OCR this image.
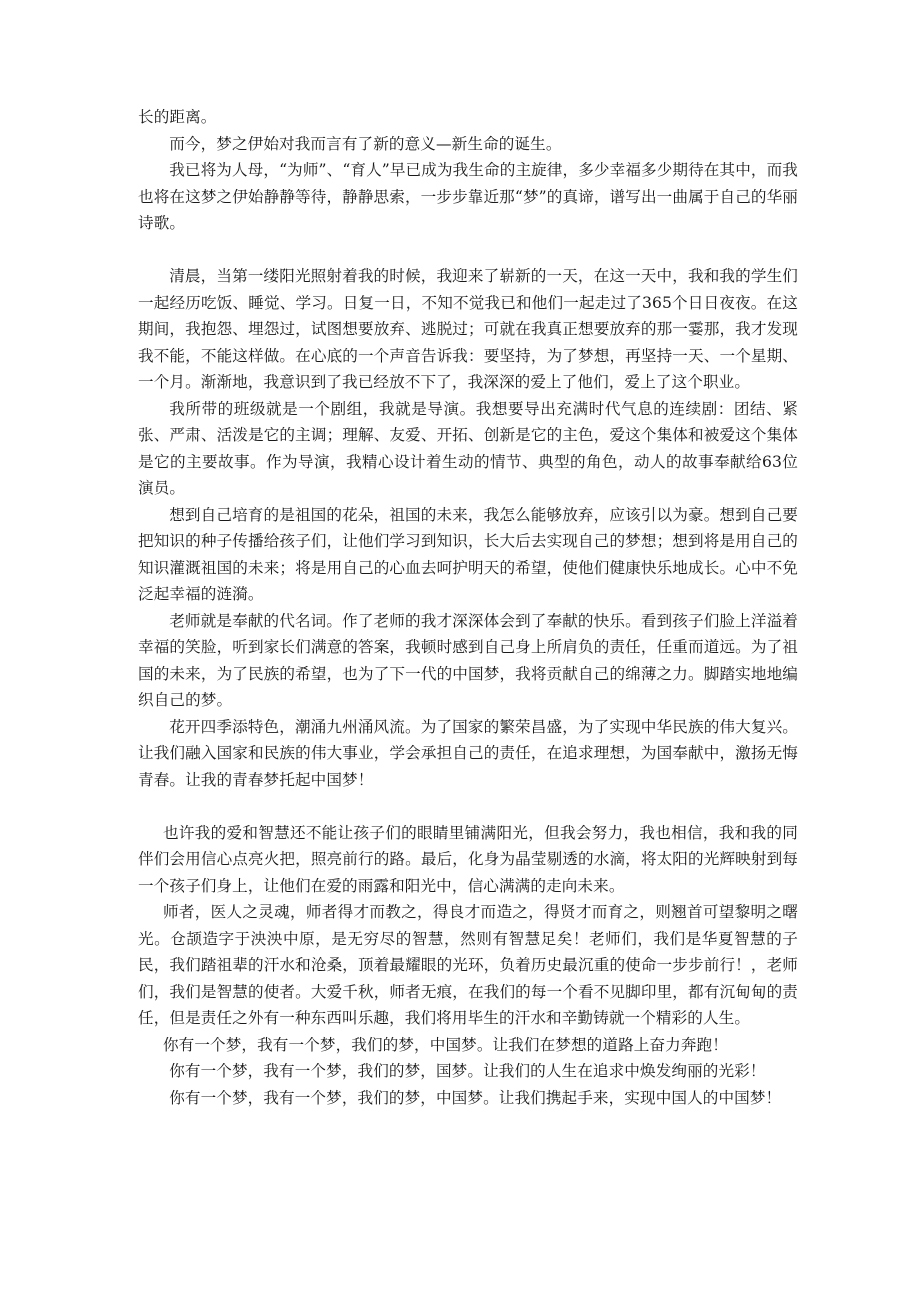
长的距离。

而今，梦之伊始对我而言有了新的意义—新生命的诞生。

我已将为人母，“为师”、“育人”早已成为我生命的主旋律，多少幸福多少期待在其中，而我也将在这梦之伊始静静等待，静静思索，一步步靠近那“梦”的真谛，谱写出一曲属于自己的华丽诗歌。

清晨，当第一缕阳光照射着我的时候，我迎来了崭新的一天，在这一天中，我和我的学生们一起经历吃饭、睡觉、学习。日复一日，不知不觉我已和他们一起走过了365个日日夜夜。在这期间，我抱怨、埋怨过，试图想要放弃、逃脱过；可就在我真正想要放弃的那一霎那，我才发现我不能，不能这样做。在心底的一个声音告诉我：要坚持，为了梦想，再坚持一天、一个星期、一个月。渐渐地，我意识到了我已经放不下了，我深深的爱上了他们，爱上了这个职业。

我所带的班级就是一个剧组，我就是导演。我想要导出充满时代气息的连续剧：团结、紧张、严肃、活泼是它的主调；理解、友爱、开拓、创新是它的主色，爱这个集体和被爱这个集体是它的主要故事。作为导演，我精心设计着生动的情节、典型的角色，动人的故事奉献给63位演员。

想到自己培育的是祖国的花朵，祖国的未来，我怎么能够放弃，应该引以为豪。想到自己要把知识的种子传播给孩子们，让他们学习到知识，长大后去实现自己的梦想；想到将是用自己的知识灌溉祖国的未来；将是用自己的心血去呵护明天的希望，使他们健康快乐地成长。心中不免泛起幸福的涟漪。

老师就是奉献的代名词。作了老师的我才深深体会到了奉献的快乐。看到孩子们脸上洋溢着幸福的笑脸，听到家长们满意的答案，我顿时感到自己身上所肩负的责任，任重而道远。为了祖国的未来，为了民族的希望，也为了下一代的中国梦，我将贡献自己的绵薄之力。脚踏实地地编织自己的梦。

花开四季添特色，潮涌九州涌风流。为了国家的繁荣昌盛，为了实现中华民族的伟大复兴。让我们融入国家和民族的伟大事业，学会承担自己的责任，在追求理想，为国奉献中，激扬无悔青春。让我的青春梦托起中国梦！

也许我的爱和智慧还不能让孩子们的眼睛里铺满阳光，但我会努力，我也相信，我和我的同伴们会用信心点亮火把，照亮前行的路。最后，化身为晶莹剔透的水滴，将太阳的光辉映射到每一个孩子们身上，让他们在爱的雨露和阳光中，信心满满的走向未来。

师者，医人之灵魂，师者得才而教之，得良才而造之，得贤才而育之，则翘首可望黎明之曙光。仓颉造字于泱泱中原，是无穷尽的智慧，然则有智慧足矣！老师们，我们是华夏智慧的子民，我们踏祖辈的汗水和沧桑，顶着最耀眼的光环，负着历史最沉重的使命一步步前行！，老师们，我们是智慧的使者。大爱千秋，师者无痕，在我们的每一个看不见脚印里，都有沉甸甸的责任，但是责任之外有一种东西叫乐趣，我们将用毕生的汗水和辛勤铸就一个精彩的人生。

你有一个梦，我有一个梦，我们的梦，中国梦。让我们在梦想的道路上奋力奔跑！

你有一个梦，我有一个梦，我们的梦，国梦。让我们的人生在追求中焕发绚丽的光彩！

你有一个梦，我有一个梦，我们的梦，中国梦。让我们携起手来，实现中国人的中国梦！
